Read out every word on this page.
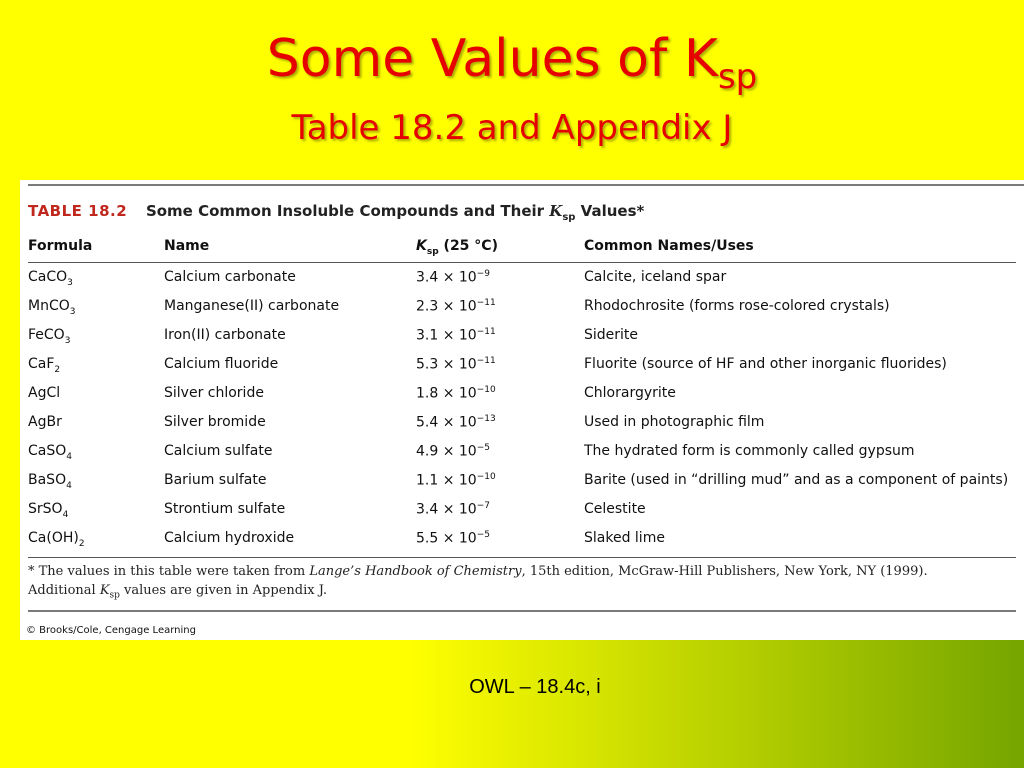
Some Values of $K_{sp}$
Table 18.2 and Appendix J
TABLE 18.2 Some Common Insoluble Compounds and Their $K_{sp}$ Values*
Formula	Name	$K_{sp}$ (25 °C)	Common Names/Uses
CaCO$_3$	Calcium carbonate	$3.4 \times 10^{-9}$	Calcite, iceland spar
MnCO$_3$	Manganese(II) carbonate	$2.3 \times 10^{-11}$	Rhodochrosite (forms rose-colored crystals)
FeCO$_3$	Iron(II) carbonate	$3.1 \times 10^{-11}$	Siderite
CaF$_2$	Calcium fluoride	$5.3 \times 10^{-11}$	Fluorite (source of HF and other inorganic fluorides)
AgCl	Silver chloride	$1.8 \times 10^{-10}$	Chlorargyrite
AgBr	Silver bromide	$5.4 \times 10^{-13}$	Used in photographic film
CaSO$_4$	Calcium sulfate	$4.9 \times 10^{-5}$	The hydrated form is commonly called gypsum
BaSO$_4$	Barium sulfate	$1.1 \times 10^{-10}$	Barite (used in “drilling mud” and as a component of paints)
SrSO$_4$	Strontium sulfate	$3.4 \times 10^{-7}$	Celestite
$Ca(OH)_2$	Calcium hydroxide	$5.5 \times 10^{-5}$	Slaked lime
* The values in this table were taken from Lange’s Handbook of Chemistry, 15th edition, McGraw-Hill Publishers, New York, NY (1999).
Additional $K_{sp}$ values are given in Appendix J.
© Brooks/Cole, Cengage Learning
OWL – 18.4c, i
